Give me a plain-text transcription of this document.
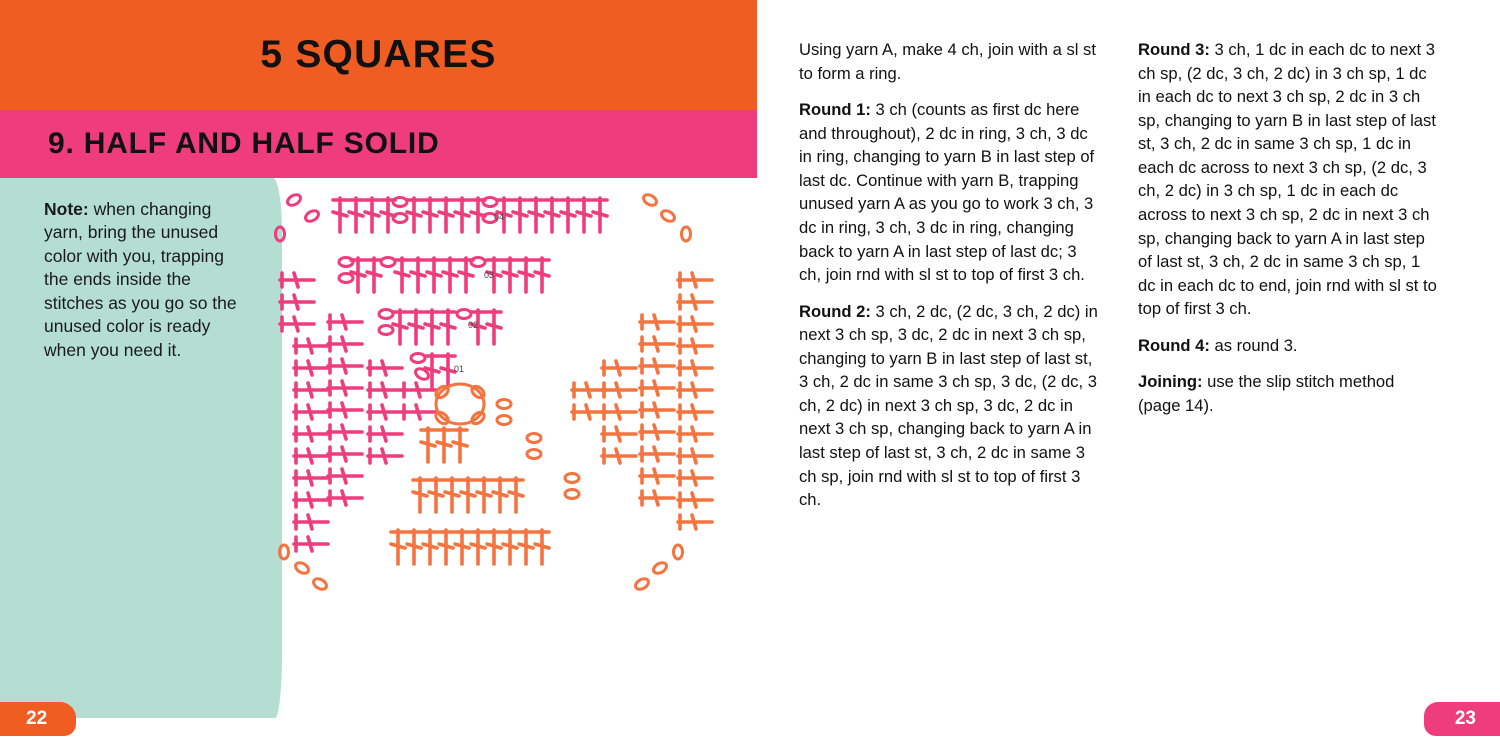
5 SQUARES
9. HALF AND HALF SOLID
Note: when changing yarn, bring the unused color with you, trapping the ends inside the stitches as you go so the unused color is ready when you need it.
04
03
02
01
22

Using yarn A, make 4 ch, join with a sl st to form a ring.

Round 1: 3 ch (counts as first dc here and throughout), 2 dc in ring, 3 ch, 3 dc in ring, changing to yarn B in last step of last dc. Continue with yarn B, trapping unused yarn A as you go to work 3 ch, 3 dc in ring, 3 ch, 3 dc in ring, changing back to yarn A in last step of last dc; 3 ch, join rnd with sl st to top of first 3 ch.

Round 2: 3 ch, 2 dc, (2 dc, 3 ch, 2 dc) in next 3 ch sp, 3 dc, 2 dc in next 3 ch sp, changing to yarn B in last step of last st, 3 ch, 2 dc in same 3 ch sp, 3 dc, (2 dc, 3 ch, 2 dc) in next 3 ch sp, 3 dc, 2 dc in next 3 ch sp, changing back to yarn A in last step of last st, 3 ch, 2 dc in same 3 ch sp, join rnd with sl st to top of first 3 ch.

Round 3: 3 ch, 1 dc in each dc to next 3 ch sp, (2 dc, 3 ch, 2 dc) in 3 ch sp, 1 dc in each dc to next 3 ch sp, 2 dc in 3 ch sp, changing to yarn B in last step of last st, 3 ch, 2 dc in same 3 ch sp, 1 dc in each dc across to next 3 ch sp, (2 dc, 3 ch, 2 dc) in 3 ch sp, 1 dc in each dc across to next 3 ch sp, 2 dc in next 3 ch sp, changing back to yarn A in last step of last st, 3 ch, 2 dc in same 3 ch sp, 1 dc in each dc to end, join rnd with sl st to top of first 3 ch.

Round 4: as round 3.

Joining: use the slip stitch method (page 14).

23
